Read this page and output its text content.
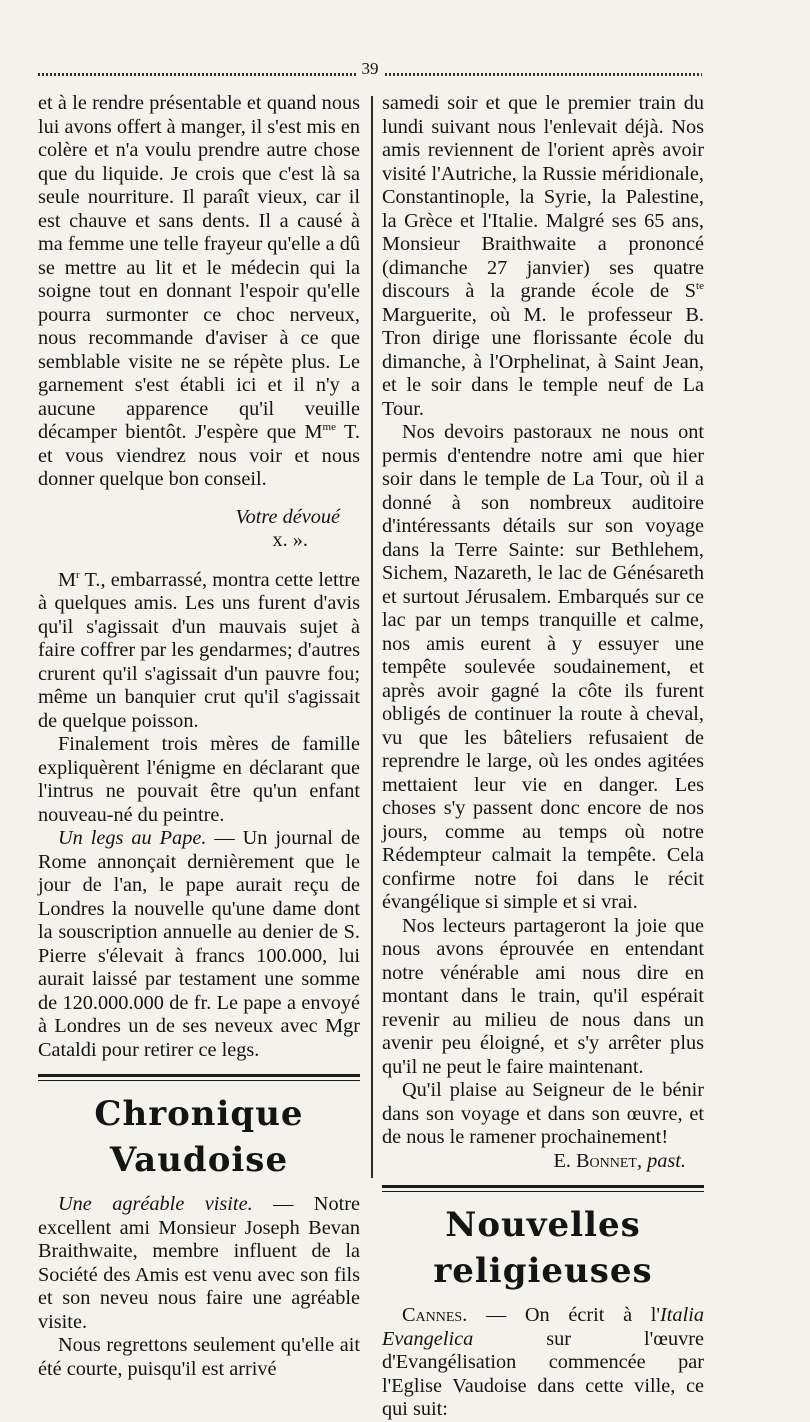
39

et à le rendre présentable et quand nous lui avons offert à manger, il s'est mis en colère et n'a voulu prendre autre chose que du liquide. Je crois que c'est là sa seule nourriture. Il paraît vieux, car il est chauve et sans dents. Il a causé à ma femme une telle frayeur qu'elle a dû se mettre au lit et le médecin qui la soigne tout en donnant l'espoir qu'elle pourra surmonter ce choc nerveux, nous recommande d'aviser à ce que semblable visite ne se répète plus. Le garnement s'est établi ici et il n'y a aucune apparence qu'il veuille décamper bientôt. J'espère que $M^{me}$ T. et vous viendrez nous voir et nous donner quelque bon conseil.

Votre dévoué

x. ».

$M^r$ T., embarrassé, montra cette lettre à quelques amis. Les uns furent d'avis qu'il s'agissait d'un mauvais sujet à faire coffrer par les gendarmes; d'autres crurent qu'il s'agissait d'un pauvre fou; même un banquier crut qu'il s'agissait de quelque poisson.

Finalement trois mères de famille expliquèrent l'énigme en déclarant que l'intrus ne pouvait être qu'un enfant nouveau-né du peintre.

Un legs au Pape. — Un journal de Rome annonçait dernièrement que le jour de l'an, le pape aurait reçu de Londres la nouvelle qu'une dame dont la souscription annuelle au denier de S. Pierre s'élevait à francs 100.000, lui aurait laissé par testament une somme de 120.000.000 de fr. Le pape a envoyé à Londres un de ses neveux avec Mgr Cataldi pour retirer ce legs.

Chronique Vaudoise

Une agréable visite. — Notre excellent ami Monsieur Joseph Bevan Braithwaite, membre influent de la Société des Amis est venu avec son fils et son neveu nous faire une agréable visite.

Nous regrettons seulement qu'elle ait été courte, puisqu'il est arrivé

samedi soir et que le premier train du lundi suivant nous l'enlevait déjà. Nos amis reviennent de l'orient après avoir visité l'Autriche, la Russie méridionale, Constantinople, la Syrie, la Palestine, la Grèce et l'Italie. Malgré ses 65 ans, Monsieur Braithwaite a prononcé (dimanche 27 janvier) ses quatre discours à la grande école de $S^{te}$ Marguerite, où M. le professeur B. Tron dirige une florissante école du dimanche, à l'Orphelinat, à Saint Jean, et le soir dans le temple neuf de La Tour.

Nos devoirs pastoraux ne nous ont permis d'entendre notre ami que hier soir dans le temple de La Tour, où il a donné à son nombreux auditoire d'intéressants détails sur son voyage dans la Terre Sainte: sur Bethlehem, Sichem, Nazareth, le lac de Génésareth et surtout Jérusalem. Embarqués sur ce lac par un temps tranquille et calme, nos amis eurent à y essuyer une tempête soulevée soudainement, et après avoir gagné la côte ils furent obligés de continuer la route à cheval, vu que les bâteliers refusaient de reprendre le large, où les ondes agitées mettaient leur vie en danger. Les choses s'y passent donc encore de nos jours, comme au temps où notre Rédempteur calmait la tempête. Cela confirme notre foi dans le récit évangélique si simple et si vrai.

Nos lecteurs partageront la joie que nous avons éprouvée en entendant notre vénérable ami nous dire en montant dans le train, qu'il espérait revenir au milieu de nous dans un avenir peu éloigné, et s'y arrêter plus qu'il ne peut le faire maintenant.

Qu'il plaise au Seigneur de le bénir dans son voyage et dans son œuvre, et de nous le ramener prochainement!

E. Bonnet, past.

Nouvelles religieuses

Cannes. — On écrit à l'Italia Evangelica sur l'œuvre d'Evangélisation commencée par l'Eglise Vaudoise dans cette ville, ce qui suit:
